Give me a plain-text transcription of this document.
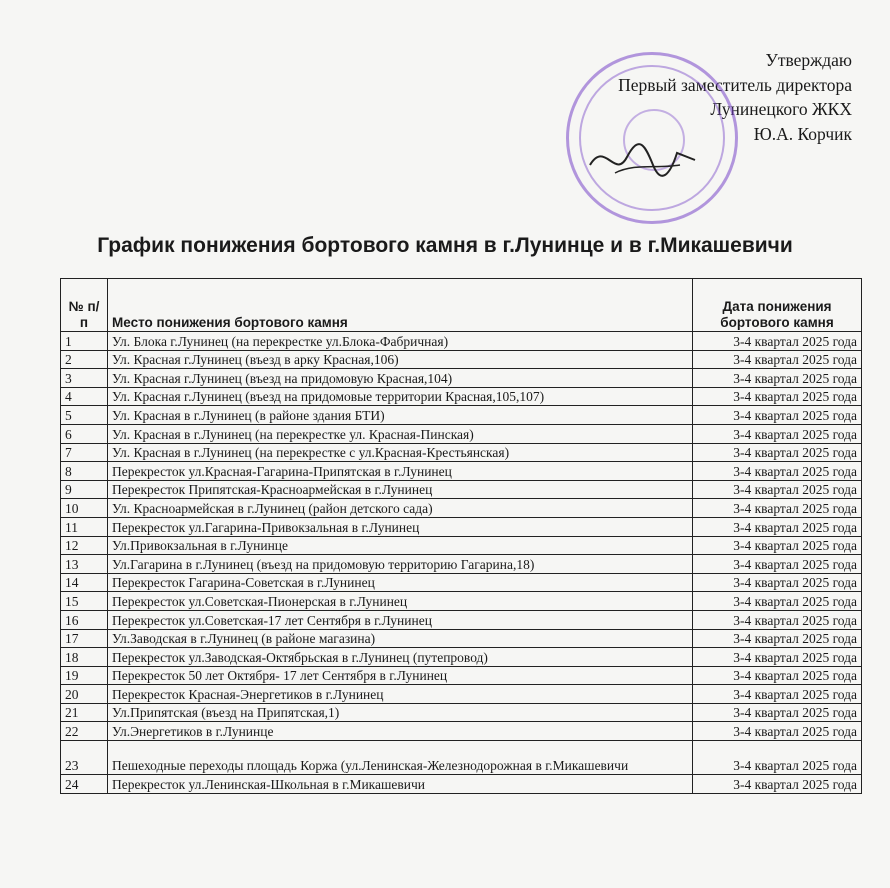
Утверждаю
Первый заместитель директора
Лунинецкого ЖКХ
Ю.А. Корчик
График понижения бортового камня в г.Лунинце и в г.Микашевичи
№ п/п	Место понижения бортового камня	Дата понижения бортового камня
1	Ул. Блока г.Лунинец (на перекрестке ул.Блока-Фабричная)	3-4 квартал 2025 года
2	Ул. Красная г.Лунинец (въезд в арку Красная,106)	3-4 квартал 2025 года
3	Ул. Красная г.Лунинец (въезд на придомовую Красная,104)	3-4 квартал 2025 года
4	Ул. Красная г.Лунинец (въезд на придомовые территории Красная,105,107)	3-4 квартал 2025 года
5	Ул. Красная в г.Лунинец (в районе здания БТИ)	3-4 квартал 2025 года
6	Ул. Красная в г.Лунинец (на перекрестке ул. Красная-Пинская)	3-4 квартал 2025 года
7	Ул. Красная в г.Лунинец (на перекрестке с ул.Красная-Крестьянская)	3-4 квартал 2025 года
8	Перекресток ул.Красная-Гагарина-Припятская в г.Лунинец	3-4 квартал 2025 года
9	Перекресток Припятская-Красноармейская в г.Лунинец	3-4 квартал 2025 года
10	Ул. Красноармейская в г.Лунинец (район детского сада)	3-4 квартал 2025 года
11	Перекресток ул.Гагарина-Привокзальная в г.Лунинец	3-4 квартал 2025 года
12	Ул.Привокзальная в г.Лунинце	3-4 квартал 2025 года
13	Ул.Гагарина в г.Лунинец (въезд на придомовую территорию Гагарина,18)	3-4 квартал 2025 года
14	Перекресток Гагарина-Советская в г.Лунинец	3-4 квартал 2025 года
15	Перекресток ул.Советская-Пионерская в г.Лунинец	3-4 квартал 2025 года
16	Перекресток ул.Советская-17 лет Сентября в г.Лунинец	3-4 квартал 2025 года
17	Ул.Заводская в г.Лунинец (в районе магазина)	3-4 квартал 2025 года
18	Перекресток ул.Заводская-Октябрьская в г.Лунинец (путепровод)	3-4 квартал 2025 года
19	Перекресток 50 лет Октября- 17 лет Сентября в г.Лунинец	3-4 квартал 2025 года
20	Перекресток Красная-Энергетиков в г.Лунинец	3-4 квартал 2025 года
21	Ул.Припятская (въезд на Припятская,1)	3-4 квартал 2025 года
22	Ул.Энергетиков в г.Лунинцe	3-4 квартал 2025 года
23	Пешеходные переходы площадь Коржа (ул.Ленинская-Железнодорожная в г.Микашевичи	3-4 квартал 2025 года
24	Перекресток ул.Ленинская-Школьная в г.Микашевичи	3-4 квартал 2025 года
